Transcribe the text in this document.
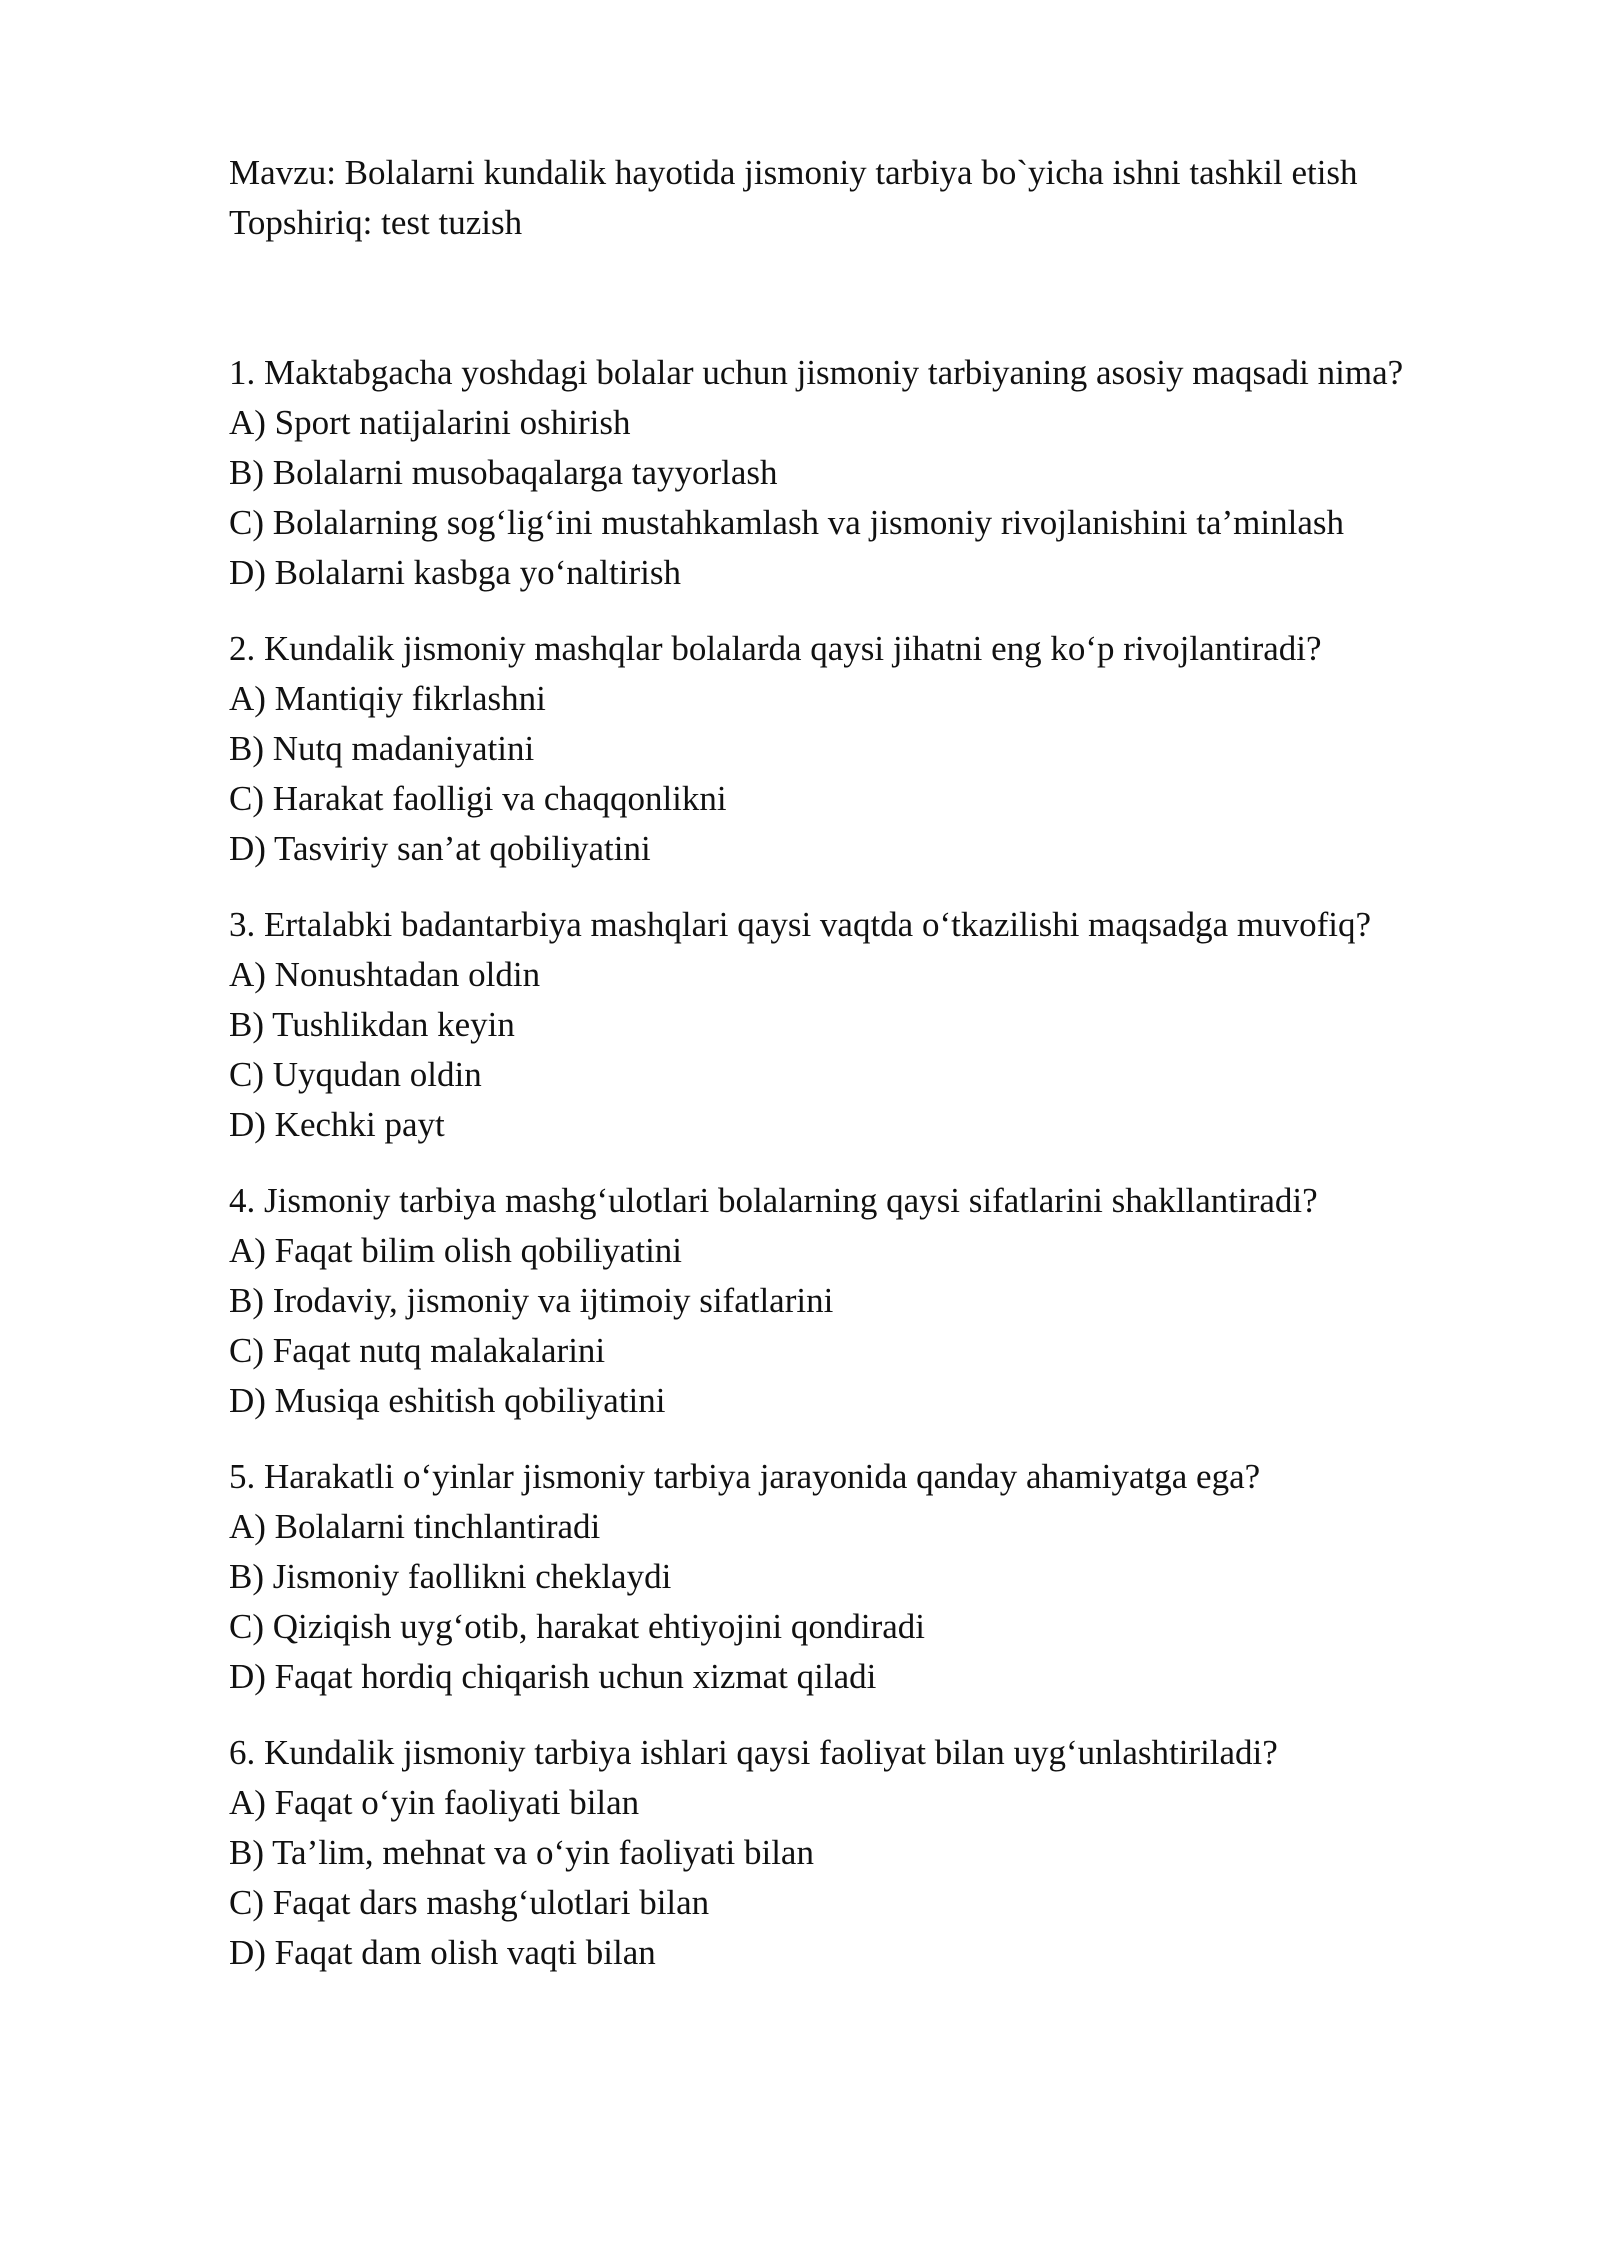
Mavzu: Bolalarni kundalik hayotida jismoniy tarbiya bo`yicha ishni tashkil etish
Topshiriq: test tuzish
1. Maktabgacha yoshdagi bolalar uchun jismoniy tarbiyaning asosiy maqsadi nima?
A) Sport natijalarini oshirish
B) Bolalarni musobaqalarga tayyorlash
C) Bolalarning sog‘lig‘ini mustahkamlash va jismoniy rivojlanishini ta’minlash
D) Bolalarni kasbga yo‘naltirish
2. Kundalik jismoniy mashqlar bolalarda qaysi jihatni eng ko‘p rivojlantiradi?
A) Mantiqiy fikrlashni
B) Nutq madaniyatini
C) Harakat faolligi va chaqqonlikni
D) Tasviriy san’at qobiliyatini
3. Ertalabki badantarbiya mashqlari qaysi vaqtda o‘tkazilishi maqsadga muvofiq?
A) Nonushtadan oldin
B) Tushlikdan keyin
C) Uyqudan oldin
D) Kechki payt
4. Jismoniy tarbiya mashg‘ulotlari bolalarning qaysi sifatlarini shakllantiradi?
A) Faqat bilim olish qobiliyatini
B) Irodaviy, jismoniy va ijtimoiy sifatlarini
C) Faqat nutq malakalarini
D) Musiqa eshitish qobiliyatini
5. Harakatli o‘yinlar jismoniy tarbiya jarayonida qanday ahamiyatga ega?
A) Bolalarni tinchlantiradi
B) Jismoniy faollikni cheklaydi
C) Qiziqish uyg‘otib, harakat ehtiyojini qondiradi
D) Faqat hordiq chiqarish uchun xizmat qiladi
6. Kundalik jismoniy tarbiya ishlari qaysi faoliyat bilan uyg‘unlashtiriladi?
A) Faqat o‘yin faoliyati bilan
B) Ta’lim, mehnat va o‘yin faoliyati bilan
C) Faqat dars mashg‘ulotlari bilan
D) Faqat dam olish vaqti bilan
